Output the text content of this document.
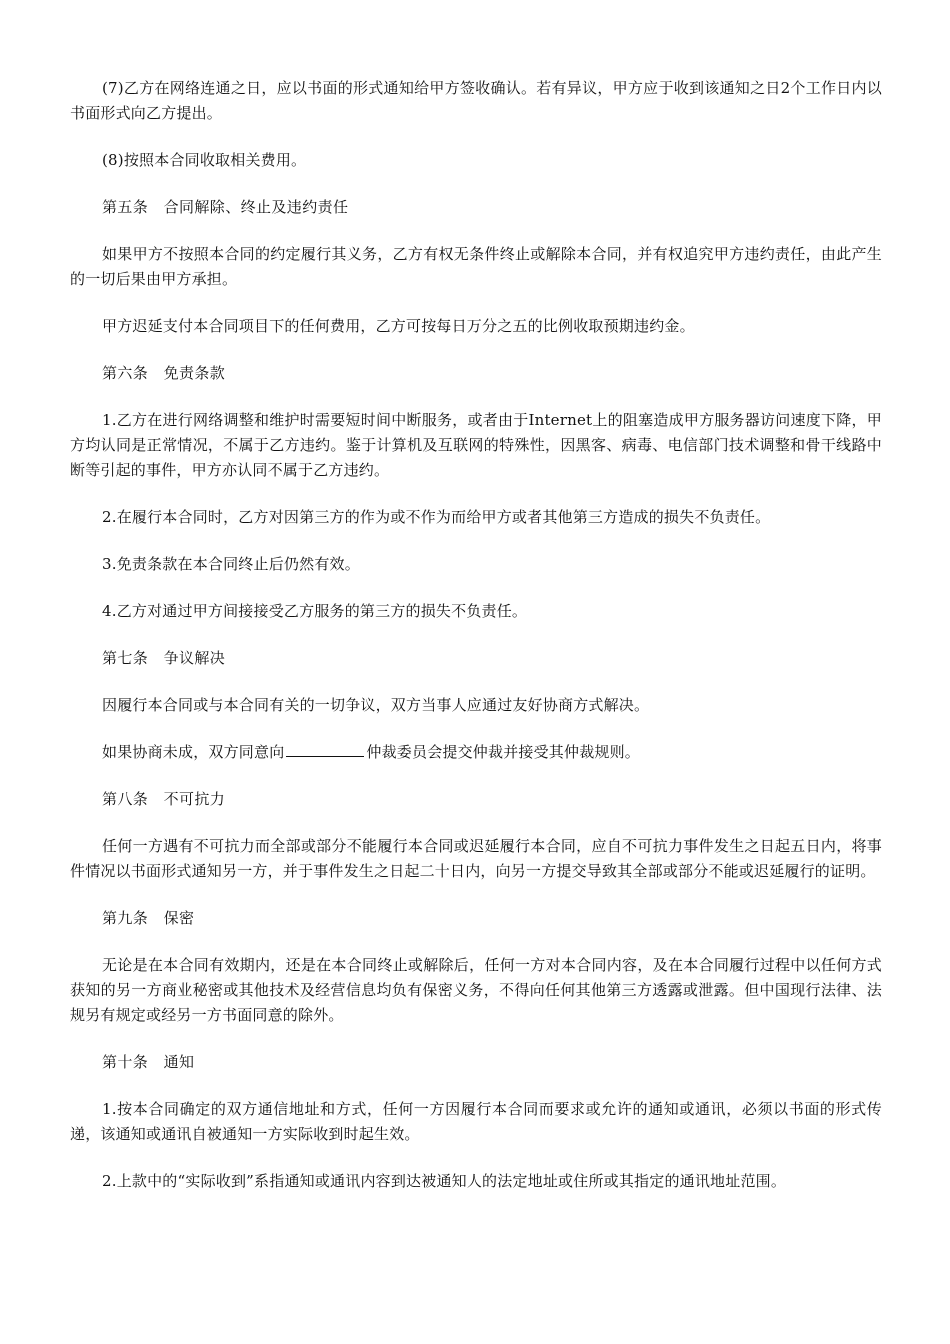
(7)乙方在网络连通之日，应以书面的形式通知给甲方签收确认。若有异议，甲方应于收到该通知之日2个工作日内以书面形式向乙方提出。

(8)按照本合同收取相关费用。

第五条　合同解除、终止及违约责任

如果甲方不按照本合同的约定履行其义务，乙方有权无条件终止或解除本合同，并有权追究甲方违约责任，由此产生的一切后果由甲方承担。

甲方迟延支付本合同项目下的任何费用，乙方可按每日万分之五的比例收取预期违约金。

第六条　免责条款

1.乙方在进行网络调整和维护时需要短时间中断服务，或者由于Internet上的阻塞造成甲方服务器访问速度下降，甲方均认同是正常情况，不属于乙方违约。鉴于计算机及互联网的特殊性，因黑客、病毒、电信部门技术调整和骨干线路中断等引起的事件，甲方亦认同不属于乙方违约。

2.在履行本合同时，乙方对因第三方的作为或不作为而给甲方或者其他第三方造成的损失不负责任。

3.免责条款在本合同终止后仍然有效。

4.乙方对通过甲方间接接受乙方服务的第三方的损失不负责任。

第七条　争议解决

因履行本合同或与本合同有关的一切争议，双方当事人应通过友好协商方式解决。

如果协商未成，双方同意向	仲裁委员会提交仲裁并接受其仲裁规则。

第八条　不可抗力

任何一方遇有不可抗力而全部或部分不能履行本合同或迟延履行本合同，应自不可抗力事件发生之日起五日内，将事件情况以书面形式通知另一方，并于事件发生之日起二十日内，向另一方提交导致其全部或部分不能或迟延履行的证明。

第九条　保密

无论是在本合同有效期内，还是在本合同终止或解除后，任何一方对本合同内容，及在本合同履行过程中以任何方式获知的另一方商业秘密或其他技术及经营信息均负有保密义务，不得向任何其他第三方透露或泄露。但中国现行法律、法规另有规定或经另一方书面同意的除外。

第十条　通知

1.按本合同确定的双方通信地址和方式，任何一方因履行本合同而要求或允许的通知或通讯，必须以书面的形式传递，该通知或通讯自被通知一方实际收到时起生效。

2.上款中的“实际收到”系指通知或通讯内容到达被通知人的法定地址或住所或其指定的通讯地址范围。
